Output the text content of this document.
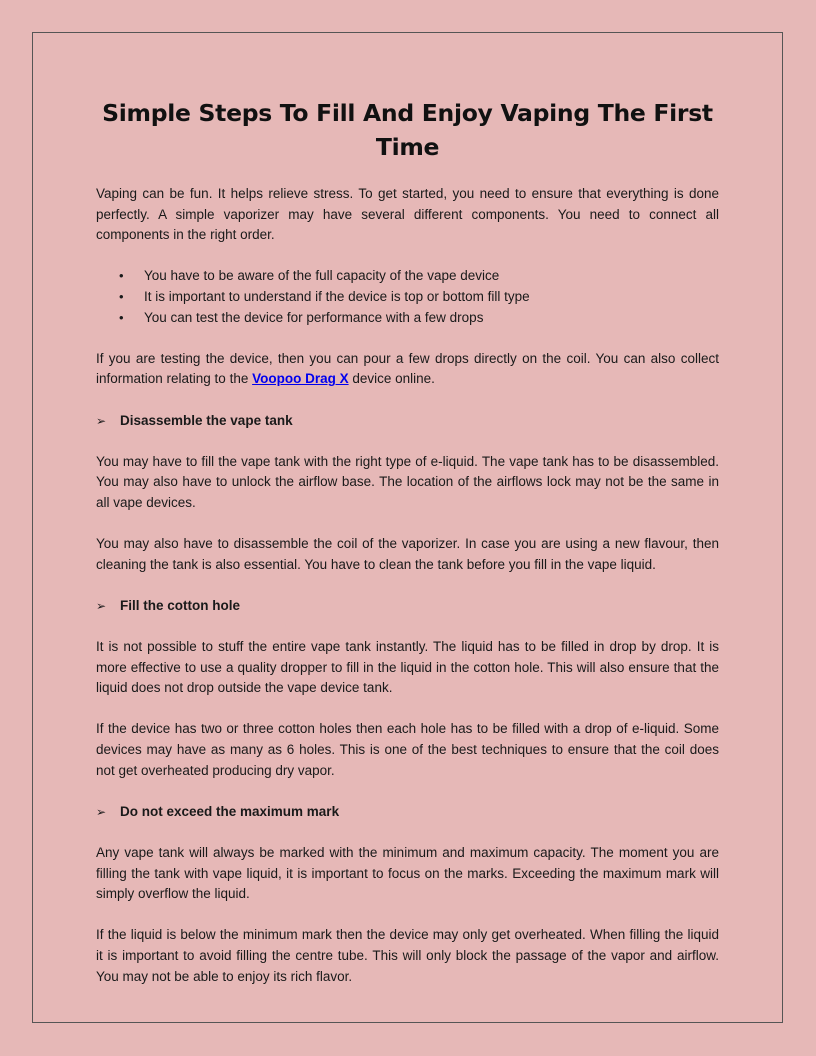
Simple Steps To Fill And Enjoy Vaping The First Time

Vaping can be fun. It helps relieve stress. To get started, you need to ensure that everything is done perfectly. A simple vaporizer may have several different components. You need to connect all components in the right order.

• You have to be aware of the full capacity of the vape device
• It is important to understand if the device is top or bottom fill type
• You can test the device for performance with a few drops

If you are testing the device, then you can pour a few drops directly on the coil. You can also collect information relating to the Voopoo Drag X device online.

➢ Disassemble the vape tank

You may have to fill the vape tank with the right type of e-liquid. The vape tank has to be disassembled. You may also have to unlock the airflow base. The location of the airflows lock may not be the same in all vape devices.

You may also have to disassemble the coil of the vaporizer. In case you are using a new flavour, then cleaning the tank is also essential. You have to clean the tank before you fill in the vape liquid.

➢ Fill the cotton hole

It is not possible to stuff the entire vape tank instantly. The liquid has to be filled in drop by drop. It is more effective to use a quality dropper to fill in the liquid in the cotton hole. This will also ensure that the liquid does not drop outside the vape device tank.

If the device has two or three cotton holes then each hole has to be filled with a drop of e-liquid. Some devices may have as many as 6 holes. This is one of the best techniques to ensure that the coil does not get overheated producing dry vapor.

➢ Do not exceed the maximum mark

Any vape tank will always be marked with the minimum and maximum capacity. The moment you are filling the tank with vape liquid, it is important to focus on the marks. Exceeding the maximum mark will simply overflow the liquid.

If the liquid is below the minimum mark then the device may only get overheated. When filling the liquid it is important to avoid filling the centre tube. This will only block the passage of the vapor and airflow. You may not be able to enjoy its rich flavor.
